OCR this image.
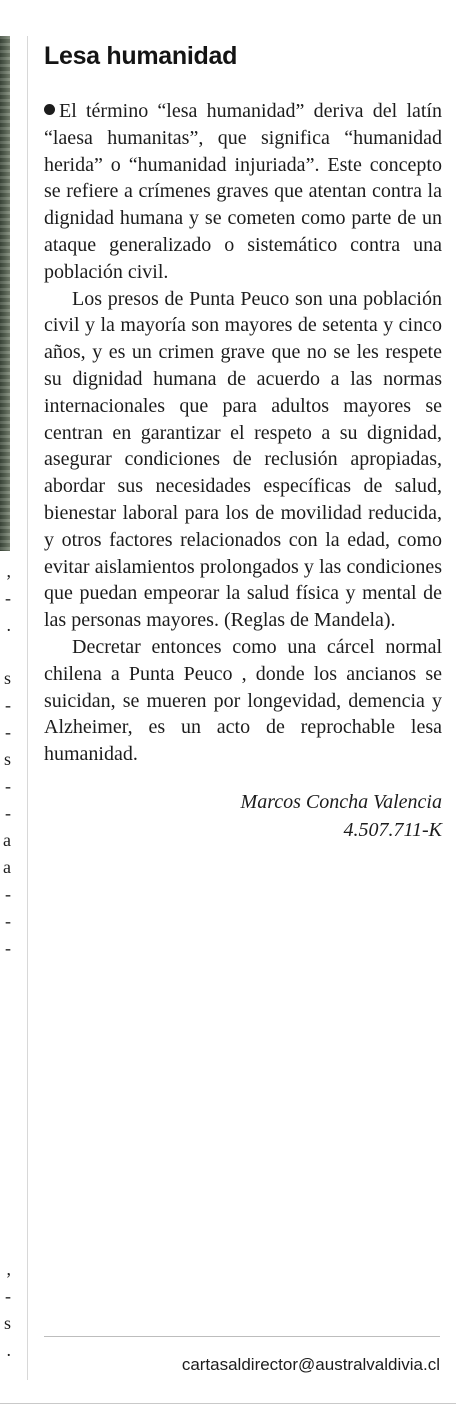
,
-
.
s
-
-
s
-
-
a
a
-
-
-
,
-
s
.
Lesa humanidad

El término “lesa humanidad” deriva del latín “laesa humanitas”, que significa “humanidad herida” o “humanidad injuriada”. Este concepto se refiere a crímenes graves que atentan contra la dignidad humana y se cometen como parte de un ataque generalizado o sistemático contra una población civil.

Los presos de Punta Peuco son una población civil y la mayoría son mayores de setenta y cinco años, y es un crimen grave que no se les respete su dignidad humana de acuerdo a las normas internacionales que para adultos mayores se centran en garantizar el respeto a su dignidad, asegurar condiciones de reclusión apropiadas, abordar sus necesidades específicas de salud, bienestar laboral para los de movilidad reducida, y otros factores relacionados con la edad, como evitar aislamientos prolongados y las condiciones que puedan empeorar la salud física y mental de las personas mayores. (Reglas de Mandela).

Decretar entonces como una cárcel normal chilena a Punta Peuco , donde los ancianos se suicidan, se mueren por longevidad, demencia y Alzheimer, es un acto de reprochable lesa humanidad.

Marcos Concha Valencia
4.507.711-K
cartasaldirector@australvaldivia.cl
